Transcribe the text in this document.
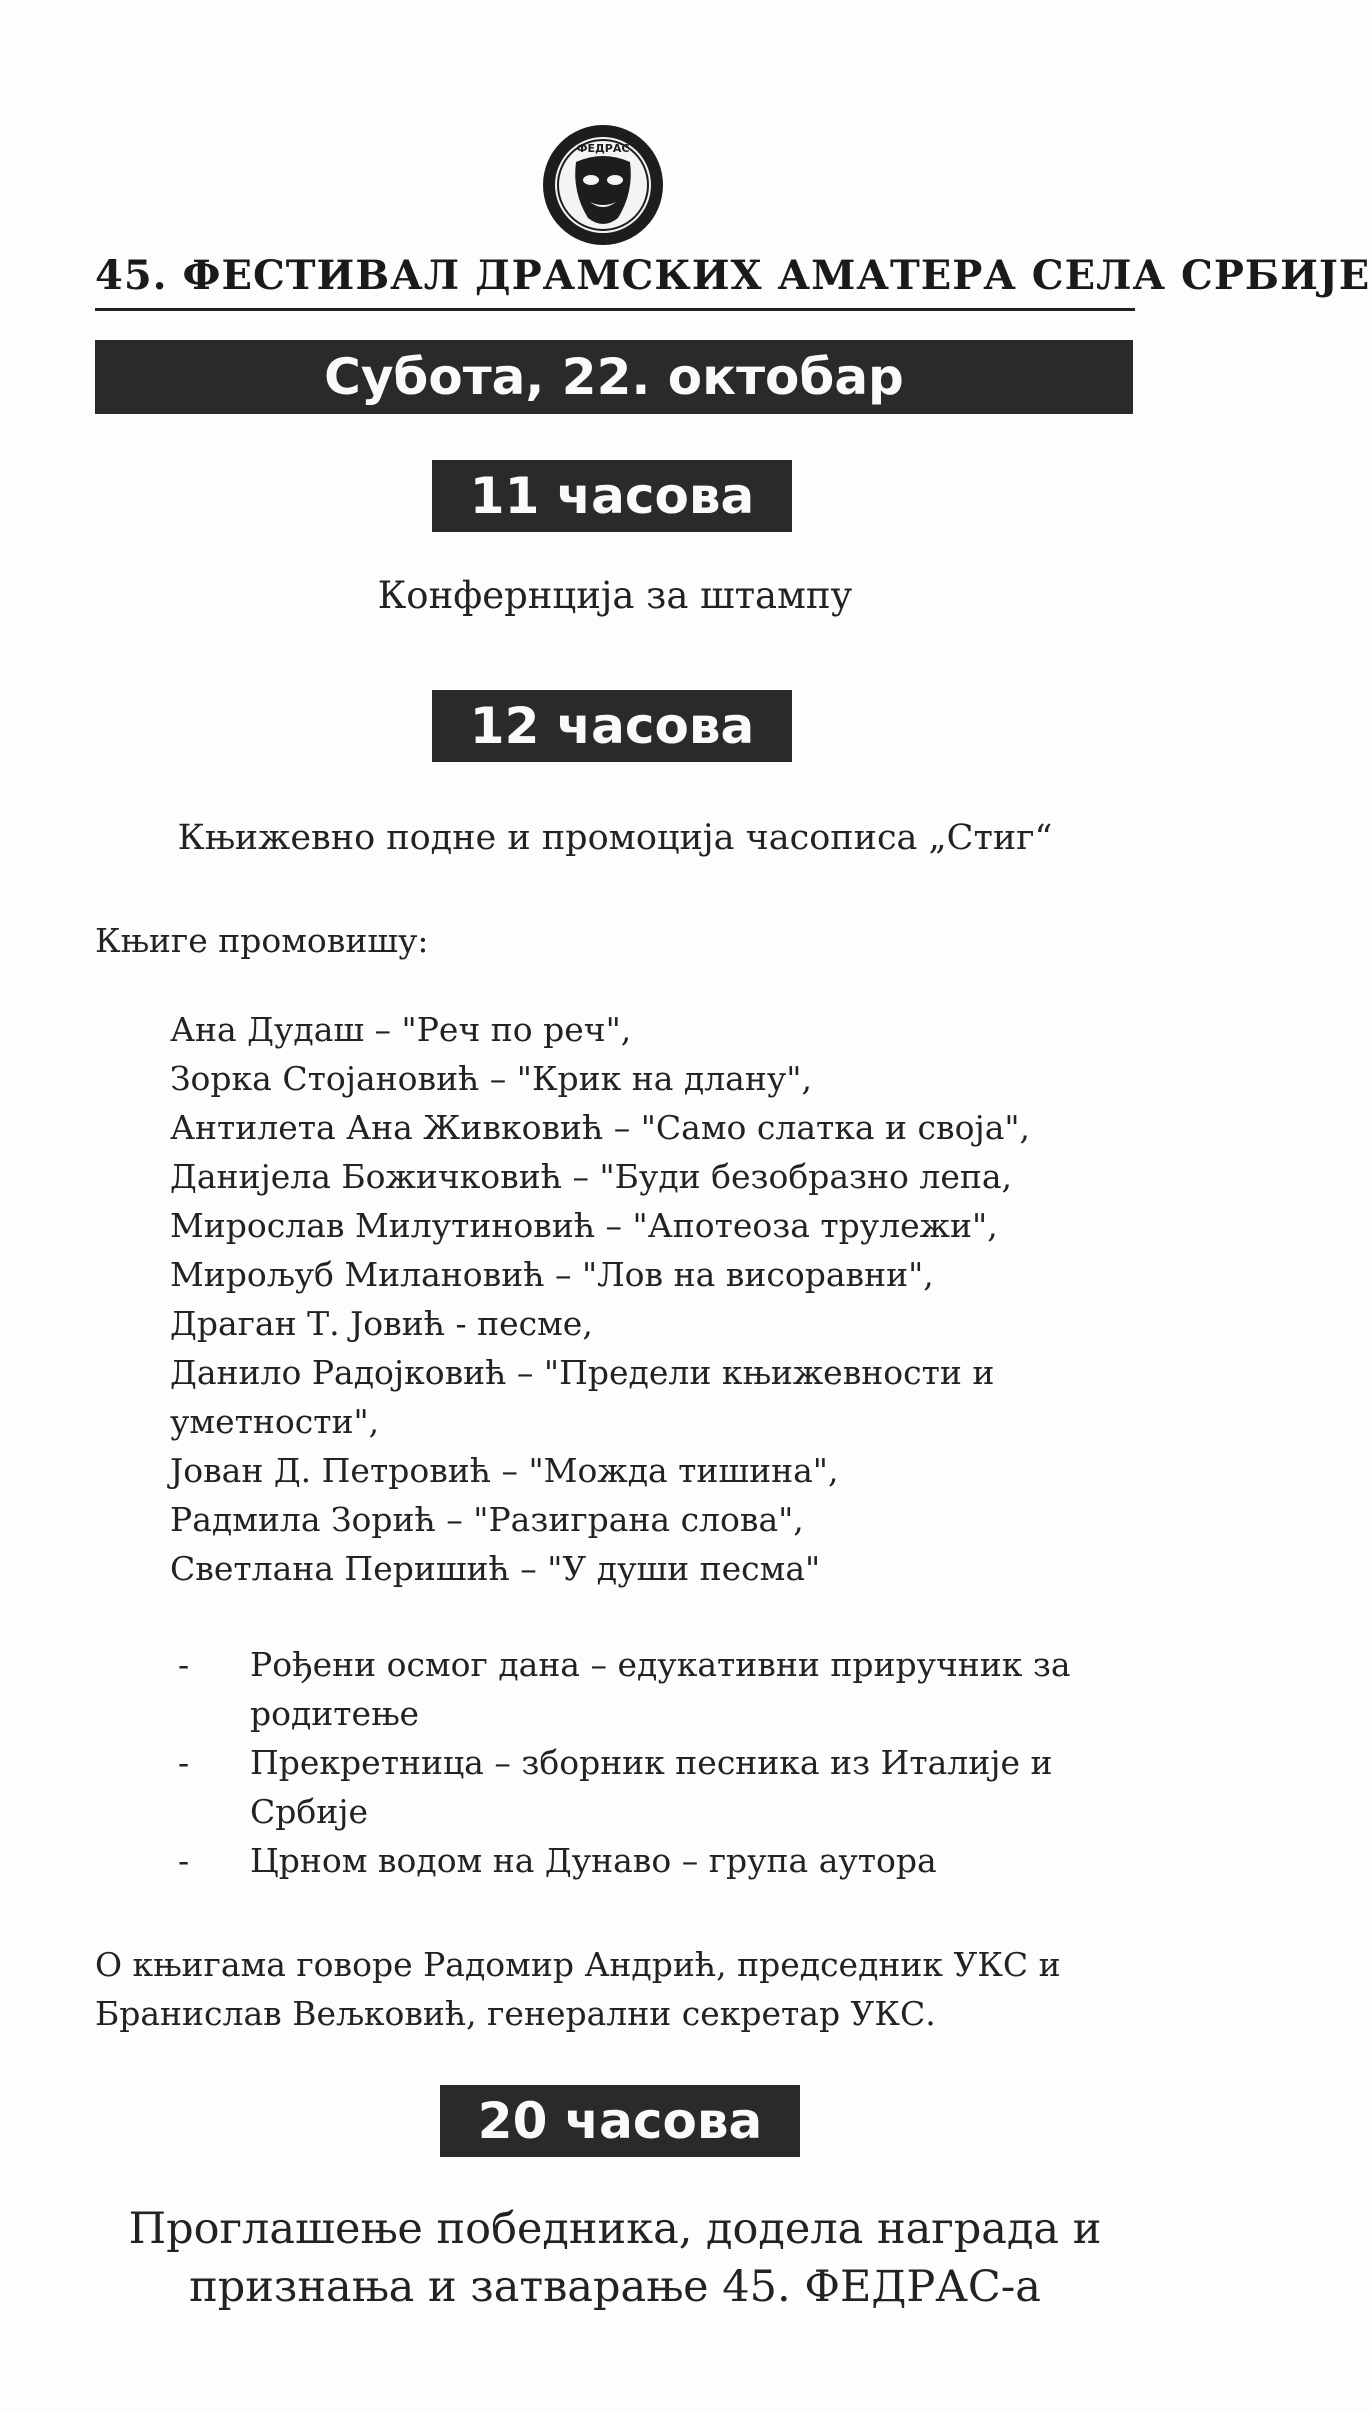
ФЕДРАС
45. ФЕСТИВАЛ ДРАМСКИХ АМАТЕРА СЕЛА СРБИЈЕ
Субота, 22. октобар
11 часова
Конфернција за штампу
12 часова
Књижевно подне и промоција часописа „Стиг“
Књиге промовишу:
Ана Дудаш – "Реч по реч",
Зорка Стојановић – "Крик на длану",
Антилета Ана Живковић – "Само слатка и своја",
Данијела Божичковић – "Буди безобразно лепа,
Мирослав Милутиновић – "Апотеоза трулежи",
Мирољуб Милановић – "Лов на висоравни",
Драган Т. Јовић - песме,
Данило Радојковић – "Предели књижевности и уметности",
Јован Д. Петровић – "Можда тишина",
Радмила Зорић – "Разиграна слова",
Светлана Перишић – "У души песма"
- Рођени осмог дана – едукативни приручник за родитење
- Прекретница – зборник песника из Италије и Србије
- Црном водом на Дунаво – група аутора
О књигама говоре Радомир Андрић, председник УКС и Бранислав Вељковић, генерални секретар УКС.
20 часова
Проглашење победника, додела награда и признања и затварање 45. ФЕДРАС-а
